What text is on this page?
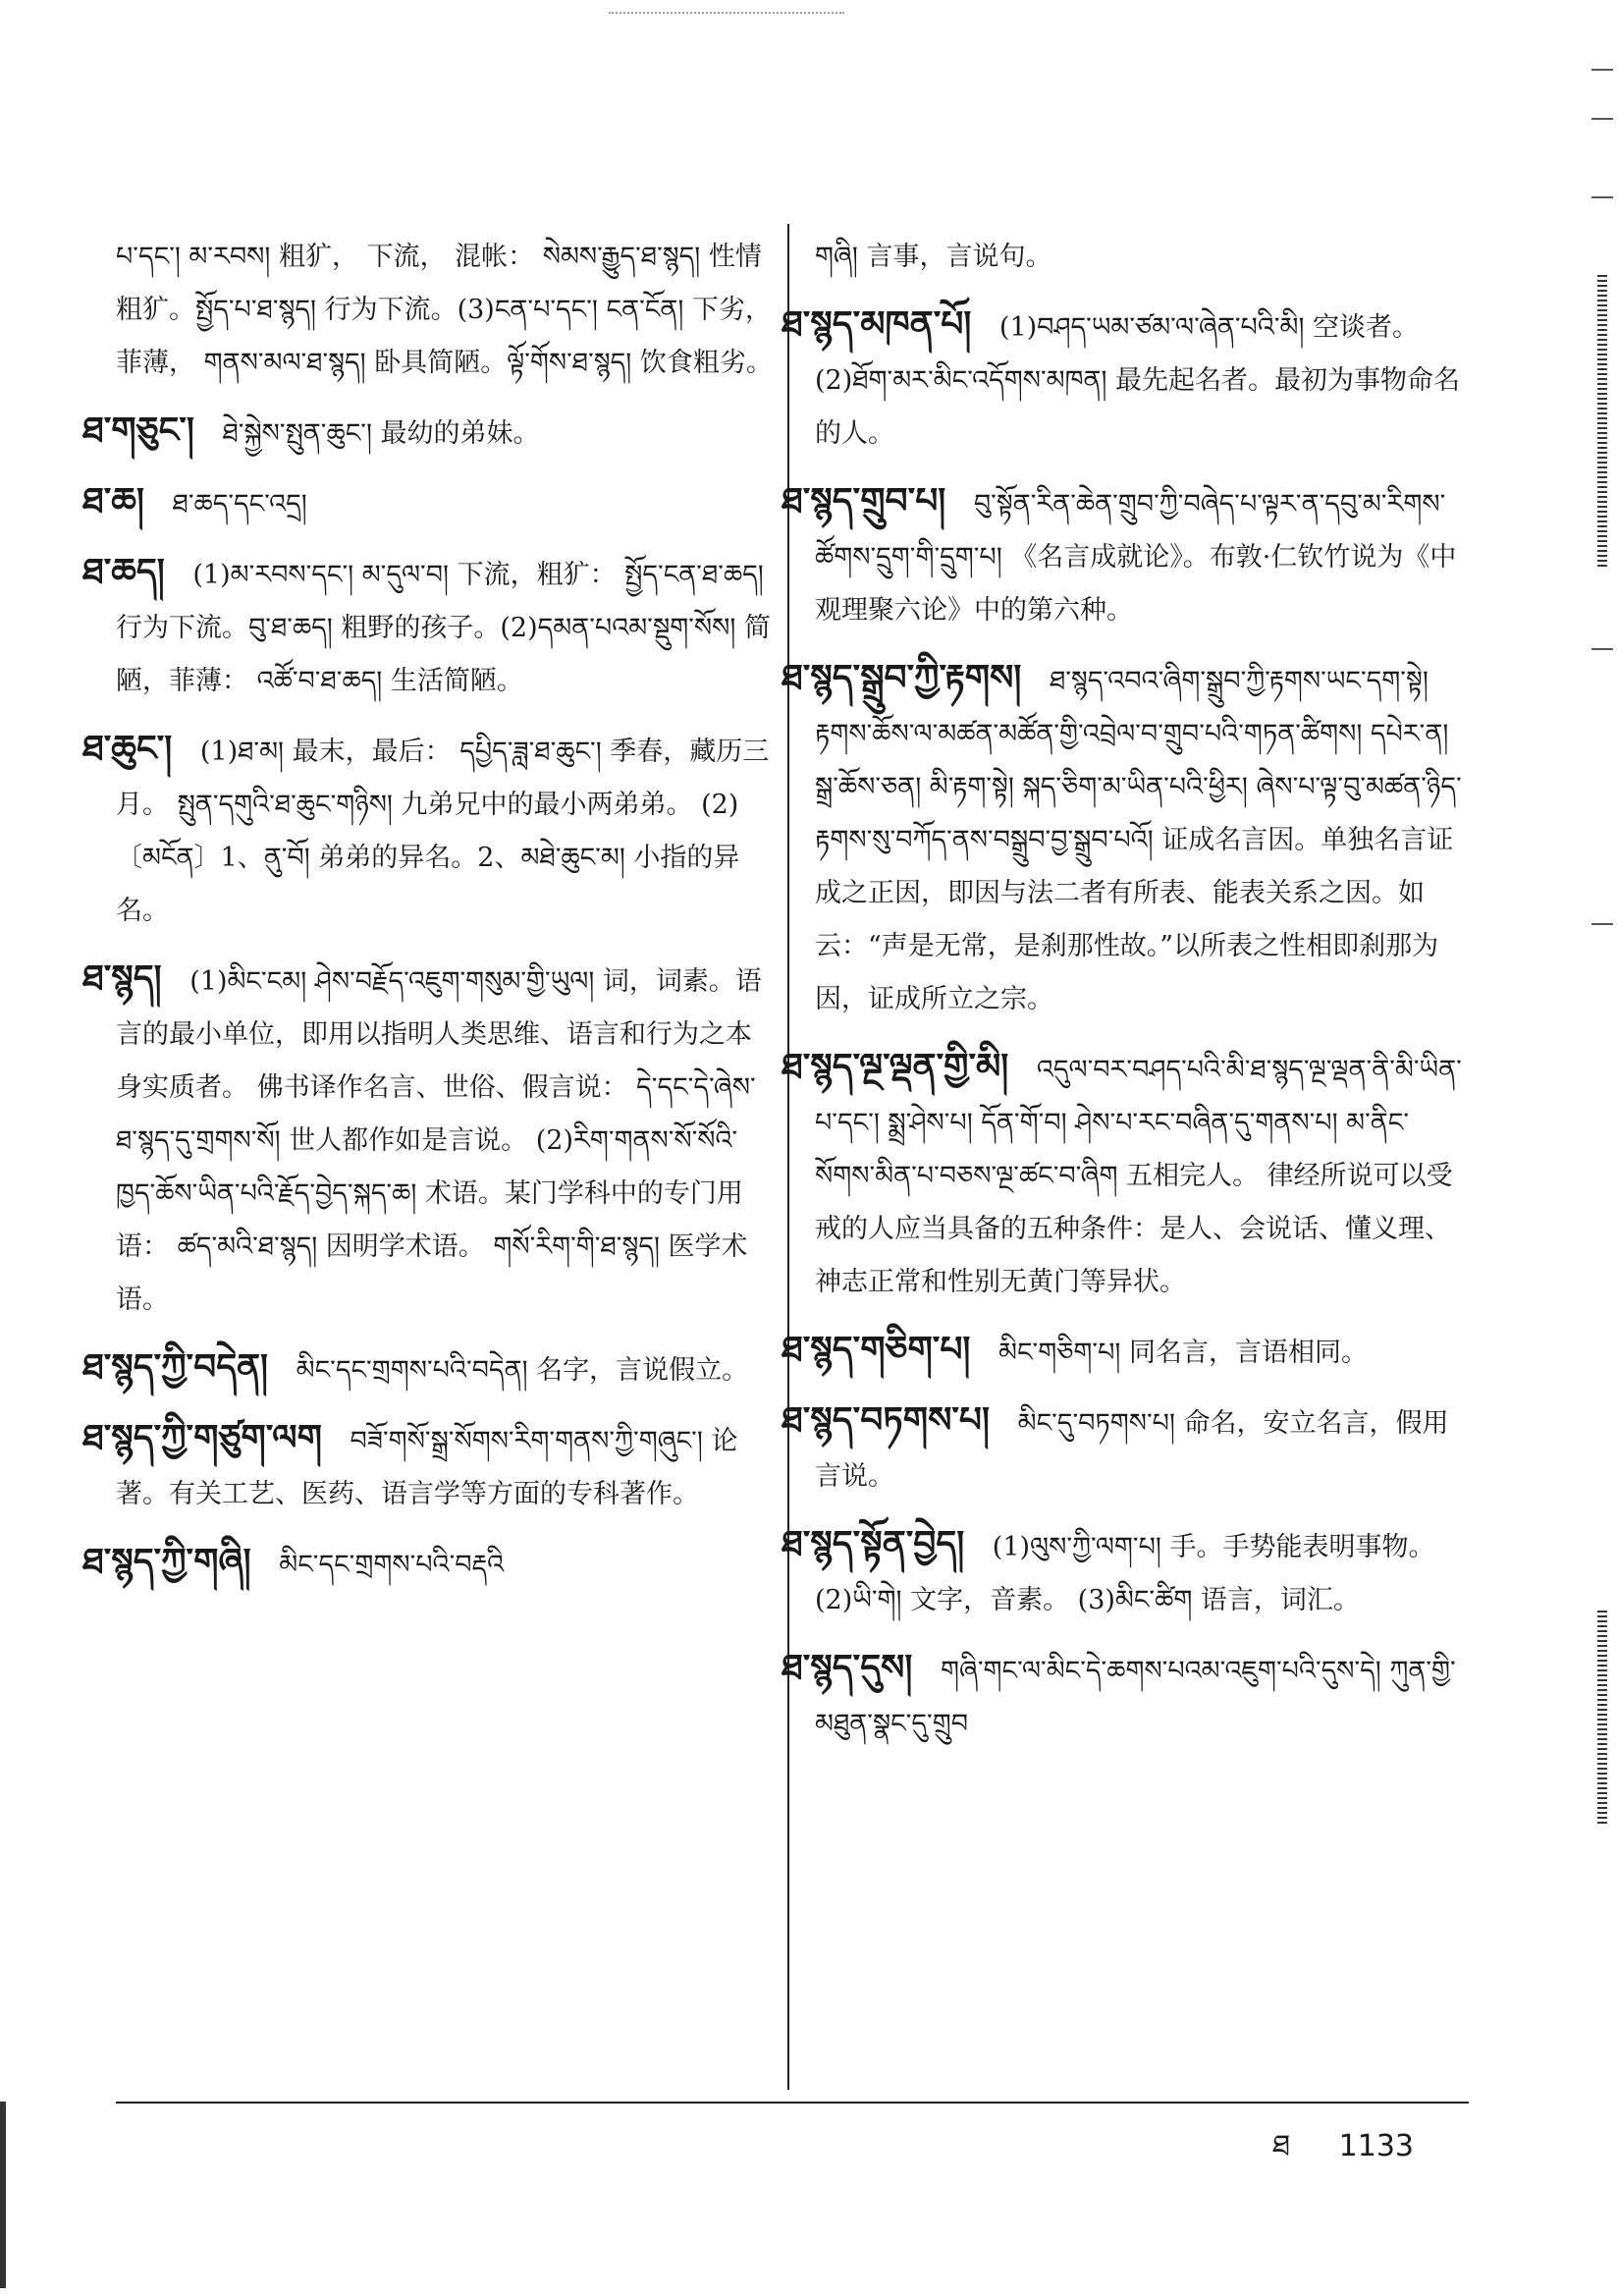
པ་དང་། མ་རབས། 粗犷， 下流， 混帐： སེམས་རྒྱུད་ཐ་སྙད། 性情粗犷。སྤྱོད་པ་ཐ་སྙད། 行为下流。(3)ངན་པ་དང་། ངན་ངོན། 下劣，菲薄， གནས་མལ་ཐ་སྙད། 卧具简陋。ལྟོ་གོས་ཐ་སྙད། 饮食粗劣。
ཐ་གཅུང་། ཐེ་སྐྱེས་སྤུན་ཆུང་། 最幼的弟妹。
ཐ་ཆ། ཐ་ཆད་དང་འདྲ།
ཐ་ཆད། (1)མ་རབས་དང་། མ་དུལ་བ། 下流，粗犷： སྤྱོད་ངན་ཐ་ཆད། 行为下流。བུ་ཐ་ཆད། 粗野的孩子。(2)དམན་པའམ་སྡུག་སོས། 简陋，菲薄： འཚོ་བ་ཐ་ཆད། 生活简陋。
ཐ་ཆུང་། (1)ཐ་མ། 最末，最后： དཔྱིད་ཟླ་ཐ་ཆུང་། 季春，藏历三月。 སྤུན་དགུའི་ཐ་ཆུང་གཉིས། 九弟兄中的最小两弟弟。 (2)〔མངོན〕1、ནུ་བོ། 弟弟的异名。2、མཐེ་ཆུང་མ། 小指的异名。
ཐ་སྙད། (1)མིང་ངམ། ཤེས་བརྗོད་འཇུག་གསུམ་གྱི་ཡུལ། 词，词素。语言的最小单位，即用以指明人类思维、语言和行为之本身实质者。 佛书译作名言、世俗、假言说： དེ་དང་དེ་ཞེས་ཐ་སྙད་དུ་གྲགས་སོ། 世人都作如是言说。 (2)རིག་གནས་སོ་སོའི་ཁྱད་ཆོས་ཡིན་པའི་རྗོད་བྱེད་སྐད་ཆ། 术语。某门学科中的专门用语： ཚད་མའི་ཐ་སྙད། 因明学术语。 གསོ་རིག་གི་ཐ་སྙད། 医学术语。
ཐ་སྙད་ཀྱི་བདེན། མིང་དང་གྲགས་པའི་བདེན། 名字，言说假立。
ཐ་སྙད་ཀྱི་གཙུག་ལག བཟོ་གསོ་སྒྲ་སོགས་རིག་གནས་ཀྱི་གཞུང་། 论著。有关工艺、医药、语言学等方面的专科著作。
ཐ་སྙད་ཀྱི་གཞི། མིང་དང་གྲགས་པའི་བརྡའི
གཞི། 言事，言说句。
ཐ་སྙད་མཁན་པོ། (1)བཤད་ཡམ་ཙམ་ལ་ཞེན་པའི་མི། 空谈者。 (2)ཐོག་མར་མིང་འདོགས་མཁན། 最先起名者。最初为事物命名的人。
ཐ་སྙད་གྲུབ་པ། བུ་སྟོན་རིན་ཆེན་གྲུབ་ཀྱི་བཞེད་པ་ལྟར་ན་དབུ་མ་རིགས་ཚོགས་དྲུག་གི་དྲུག་པ། 《名言成就论》。布敦·仁钦竹说为《中观理聚六论》中的第六种。
ཐ་སྙད་སྒྲུབ་ཀྱི་རྟགས། ཐ་སྙད་འབའ་ཞིག་སྒྲུབ་ཀྱི་རྟགས་ཡང་དག་སྟེ། རྟགས་ཆོས་ལ་མཚན་མཚོན་གྱི་འབྲེལ་བ་གྲུབ་པའི་གཏན་ཚིགས། དཔེར་ན། སྒྲ་ཆོས་ཅན། མི་རྟག་སྟེ། སྐད་ཅིག་མ་ཡིན་པའི་ཕྱིར། ཞེས་པ་ལྟ་བུ་མཚན་ཉིད་རྟགས་སུ་བཀོད་ནས་བསྒྲུབ་བྱ་སྒྲུབ་པའོ། 证成名言因。单独名言证成之正因，即因与法二者有所表、能表关系之因。如云：“声是无常，是刹那性故。”以所表之性相即刹那为因，证成所立之宗。
ཐ་སྙད་ལྔ་ལྡན་གྱི་མི། འདུལ་བར་བཤད་པའི་མི་ཐ་སྙད་ལྔ་ལྡན་ནི་མི་ཡིན་པ་དང་། སྨྲ་ཤེས་པ། དོན་གོ་བ། ཤེས་པ་རང་བཞིན་དུ་གནས་པ། མ་ནིང་སོགས་མིན་པ་བཅས་ལྔ་ཚང་བ་ཞིག 五相完人。 律经所说可以受戒的人应当具备的五种条件：是人、会说话、懂义理、神志正常和性别无黄门等异状。
ཐ་སྙད་གཅིག་པ། མིང་གཅིག་པ། 同名言，言语相同。
ཐ་སྙད་བཏགས་པ། མིང་དུ་བཏགས་པ། 命名，安立名言，假用言说。
ཐ་སྙད་སྟོན་བྱེད། (1)ལུས་ཀྱི་ལག་པ། 手。手势能表明事物。 (2)ཡི་གེ། 文字，音素。 (3)མིང་ཚིག 语言，词汇。
ཐ་སྙད་དུས། གཞི་གང་ལ་མིང་དེ་ཆགས་པའམ་འཇུག་པའི་དུས་དེ། ཀུན་གྱི་མཐུན་སྣང་དུ་གྲུབ
ཐ 1133
